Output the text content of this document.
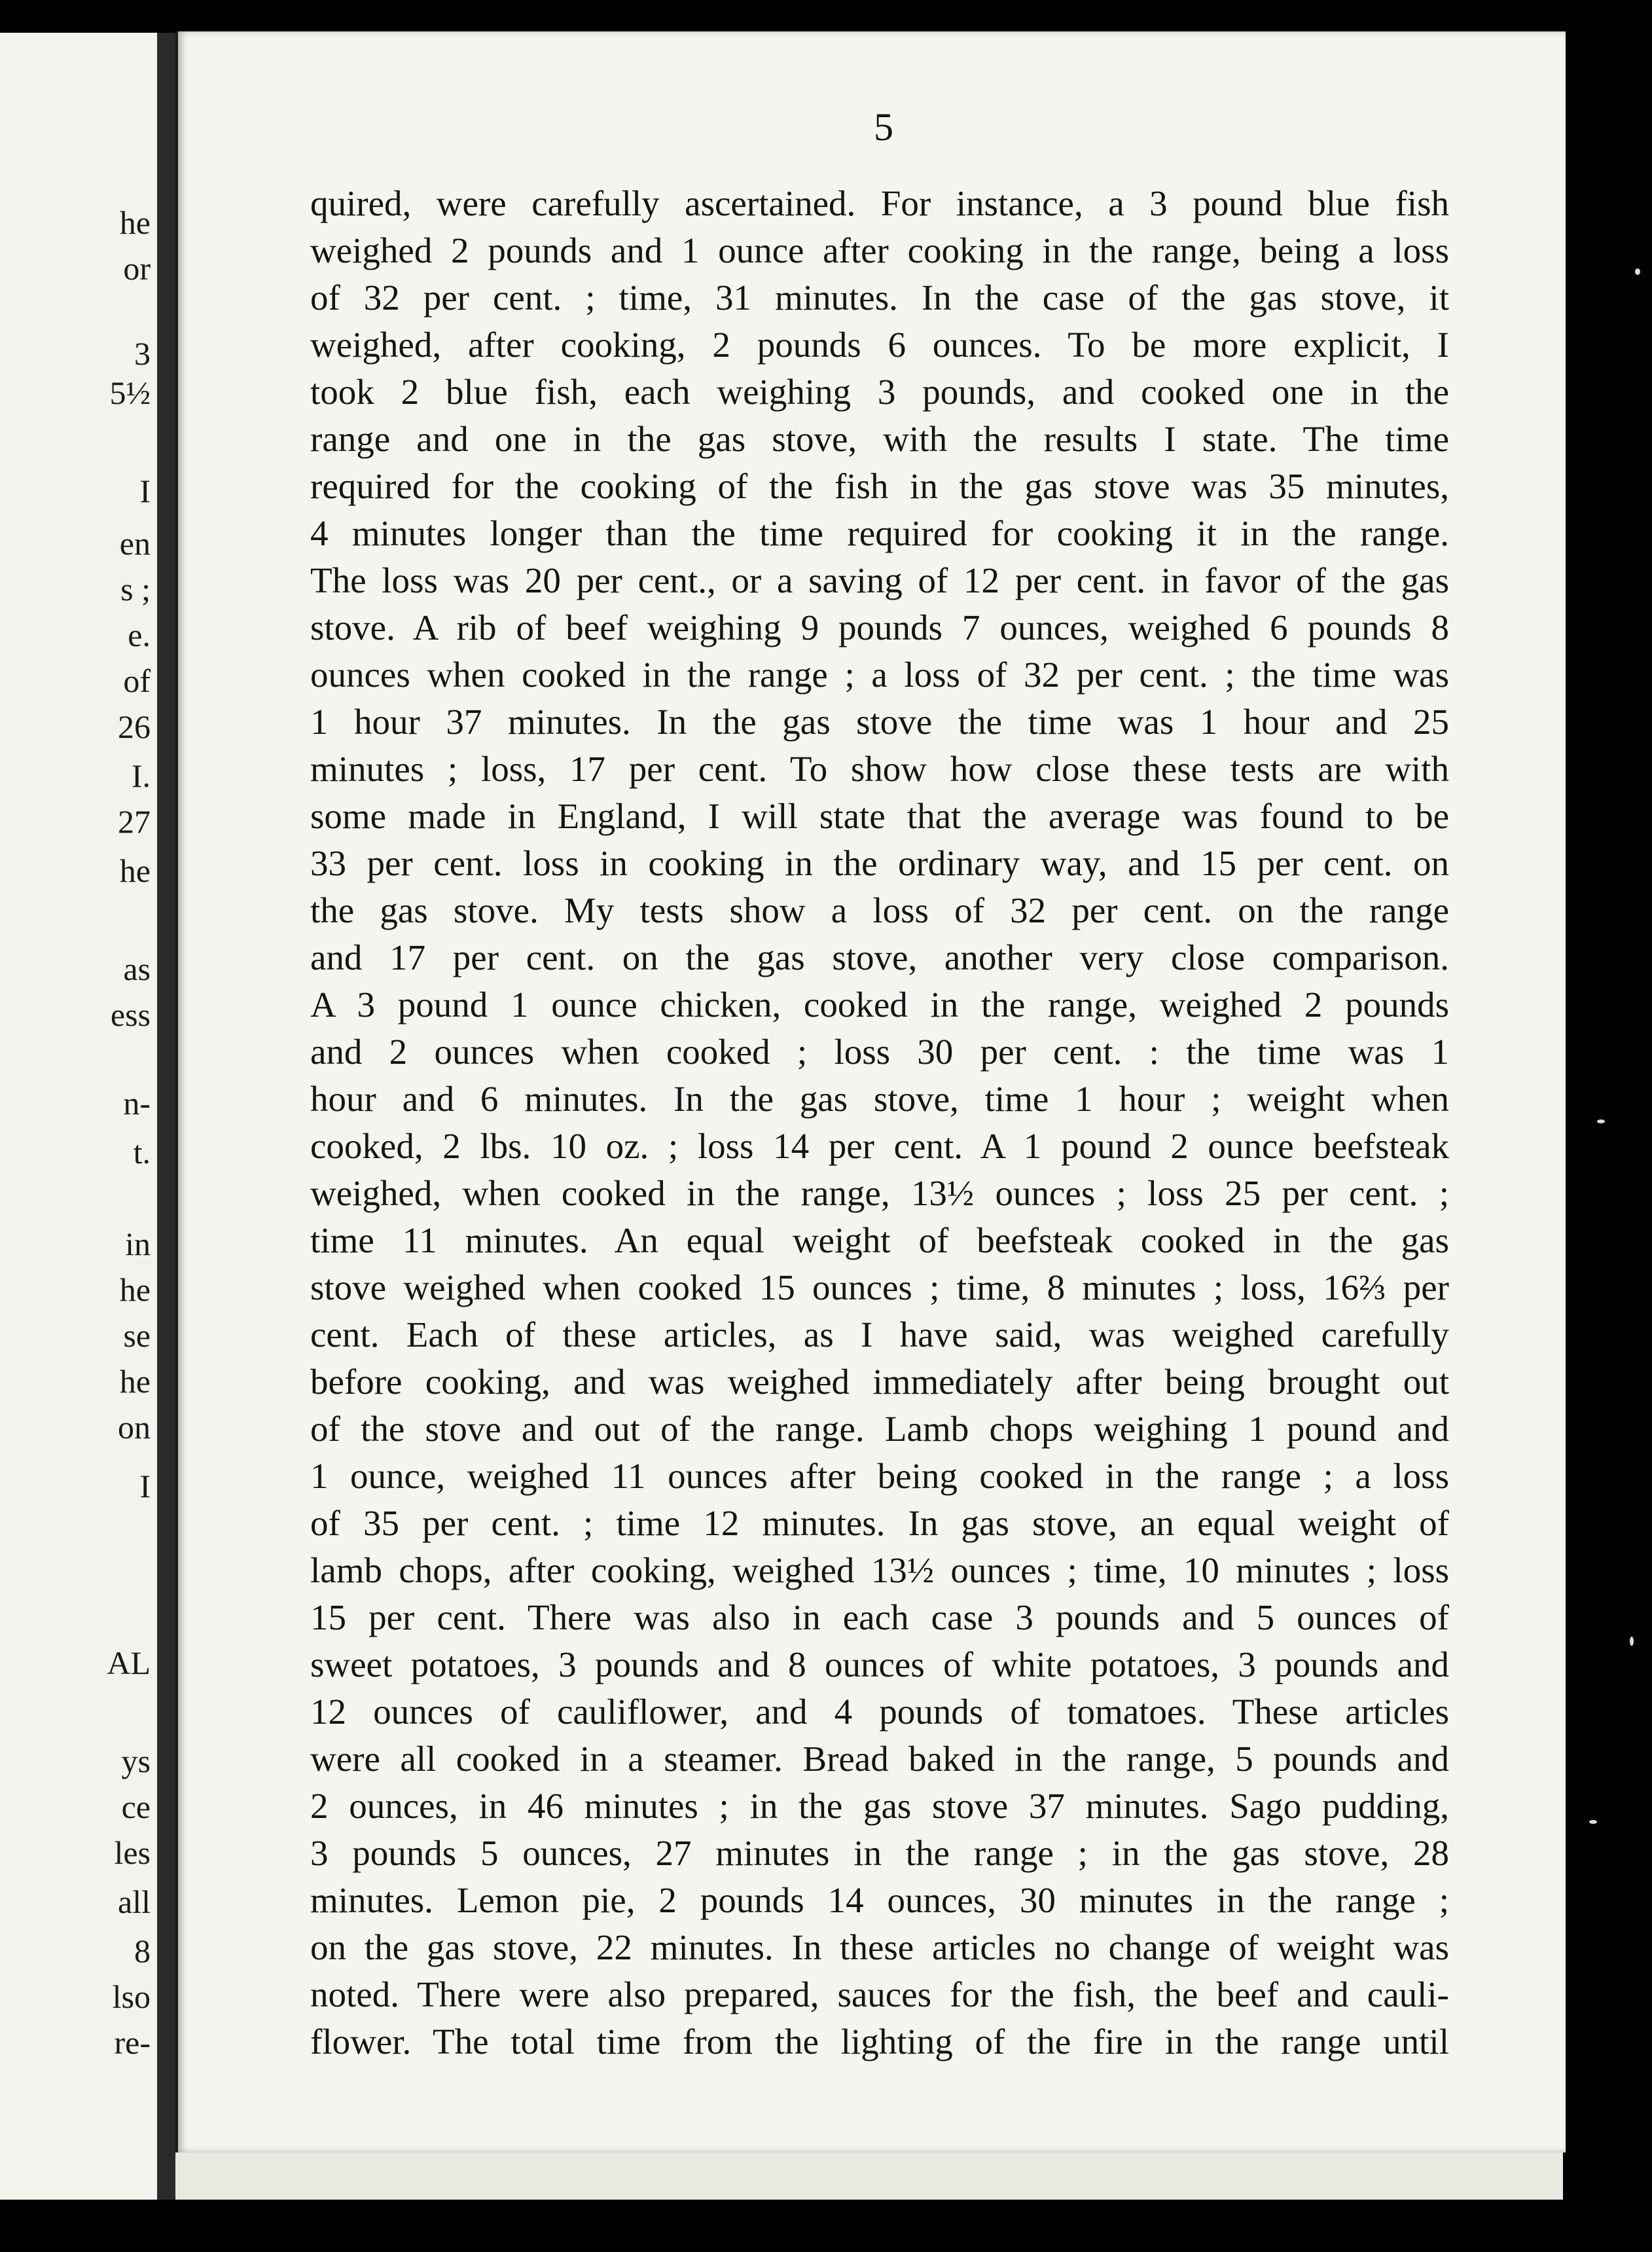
5
he
or
3
5½
I
en
s ;
e.
of
26
I.
27
he
as
ess
n-
t.
in
he
se
he
on
I
AL
ys
ce
les
all
8
lso
re-
quired, were carefully ascertained. For instance, a 3 pound blue fish
weighed 2 pounds and 1 ounce after cooking in the range, being a loss
of 32 per cent. ; time, 31 minutes. In the case of the gas stove, it
weighed, after cooking, 2 pounds 6 ounces. To be more explicit, I
took 2 blue fish, each weighing 3 pounds, and cooked one in the
range and one in the gas stove, with the results I state. The time
required for the cooking of the fish in the gas stove was 35 minutes,
4 minutes longer than the time required for cooking it in the range.
The loss was 20 per cent., or a saving of 12 per cent. in favor of the gas
stove. A rib of beef weighing 9 pounds 7 ounces, weighed 6 pounds 8
ounces when cooked in the range ; a loss of 32 per cent. ; the time was
1 hour 37 minutes. In the gas stove the time was 1 hour and 25
minutes ; loss, 17 per cent. To show how close these tests are with
some made in England, I will state that the average was found to be
33 per cent. loss in cooking in the ordinary way, and 15 per cent. on
the gas stove. My tests show a loss of 32 per cent. on the range
and 17 per cent. on the gas stove, another very close comparison.
A 3 pound 1 ounce chicken, cooked in the range, weighed 2 pounds
and 2 ounces when cooked ; loss 30 per cent. : the time was 1
hour and 6 minutes. In the gas stove, time 1 hour ; weight when
cooked, 2 lbs. 10 oz. ; loss 14 per cent. A 1 pound 2 ounce beefsteak
weighed, when cooked in the range, 13½ ounces ; loss 25 per cent. ;
time 11 minutes. An equal weight of beefsteak cooked in the gas
stove weighed when cooked 15 ounces ; time, 8 minutes ; loss, 16⅔ per
cent. Each of these articles, as I have said, was weighed carefully
before cooking, and was weighed immediately after being brought out
of the stove and out of the range. Lamb chops weighing 1 pound and
1 ounce, weighed 11 ounces after being cooked in the range ; a loss
of 35 per cent. ; time 12 minutes. In gas stove, an equal weight of
lamb chops, after cooking, weighed 13½ ounces ; time, 10 minutes ; loss
15 per cent. There was also in each case 3 pounds and 5 ounces of
sweet potatoes, 3 pounds and 8 ounces of white potatoes, 3 pounds and
12 ounces of cauliflower, and 4 pounds of tomatoes. These articles
were all cooked in a steamer. Bread baked in the range, 5 pounds and
2 ounces, in 46 minutes ; in the gas stove 37 minutes. Sago pudding,
3 pounds 5 ounces, 27 minutes in the range ; in the gas stove, 28
minutes. Lemon pie, 2 pounds 14 ounces, 30 minutes in the range ;
on the gas stove, 22 minutes. In these articles no change of weight was
noted. There were also prepared, sauces for the fish, the beef and cauli-
flower. The total time from the lighting of the fire in the range until
